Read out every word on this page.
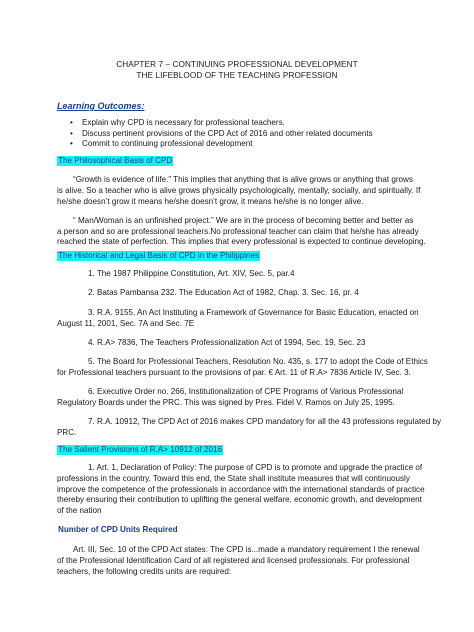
CHAPTER 7 – CONTINUING PROFESSIONAL DEVELOPMENT
THE LIFEBLOOD OF THE TEACHING PROFESSION
Learning Outcomes:
• Explain why CPD is necessary for professional teachers.
• Discuss pertinent provisions of the CPD Act of 2016 and other related documents
• Commit to continuing professional development
The Philosophical Basis of CPD
“Growth is evidence of life.” This implies that anything that is alive grows or anything that grows
is alive. So a teacher who is alive grows physically psychologically, mentally, socially, and spiritually. If
he/she doesn’t grow it means he/she doesn’t grow, it means he/she is no longer alive.
“ Man/Woman is an unfinished project.” We are in the process of becoming better and better as
a person and so are professional teachers.No professional teacher can claim that he/she has already
reached the state of perfection. This implies that every professional is expected to continue developing.
The Historical and Legal Basis of CPD in the Philippines
1. The 1987 Philippine Constitution, Art. XIV, Sec. 5, par.4
2. Batas Pambansa 232. The Education Act of 1982, Chap. 3. Sec. 16, pr. 4
3. R.A. 9155, An Act Instituting a Framework of Governance for Basic Education, enacted on
August 11, 2001, Sec. 7A and Sec. 7E
4. R.A> 7836, The Teachers Professionalization Act of 1994, Sec. 19, Sec. 23
5. The Board for Professional Teachers, Resolution No. 435, s. 177 to adopt the Code of Ethics
for Professional teachers pursuant to the provisions of par. € Art. 11 of R.A> 7836 Article IV, Sec. 3.
6. Executive Order no. 266, Institutionalization of CPE Programs of Various Professional
Regulatory Boards under the PRC. This was signed by Pres. Fidel V. Ramos on July 25, 1995.
7. R.A. 10912, The CPD Act of 2016 makes CPD mandatory for all the 43 professions regulated by
PRC.
The Salient Provisions of R.A> 10912 of 2016
1. Art. 1, Declaration of Policy: The purpose of CPD is to promote and upgrade the practice of
professions in the country. Toward this end, the State shall institute measures that will continuously
improve the competence of the professionals in accordance with the international standards of practice
thereby ensuring their contribution to uplifting the general welfare, economic growth, and development
of the nation
Number of CPD Units Required
Art. III, Sec. 10 of the CPD Act states: The CPD is...made a mandatory requirement I the renewal
of the Professional Identification Card of all registered and licensed professionals. For professional
teachers, the following credits units are required:
